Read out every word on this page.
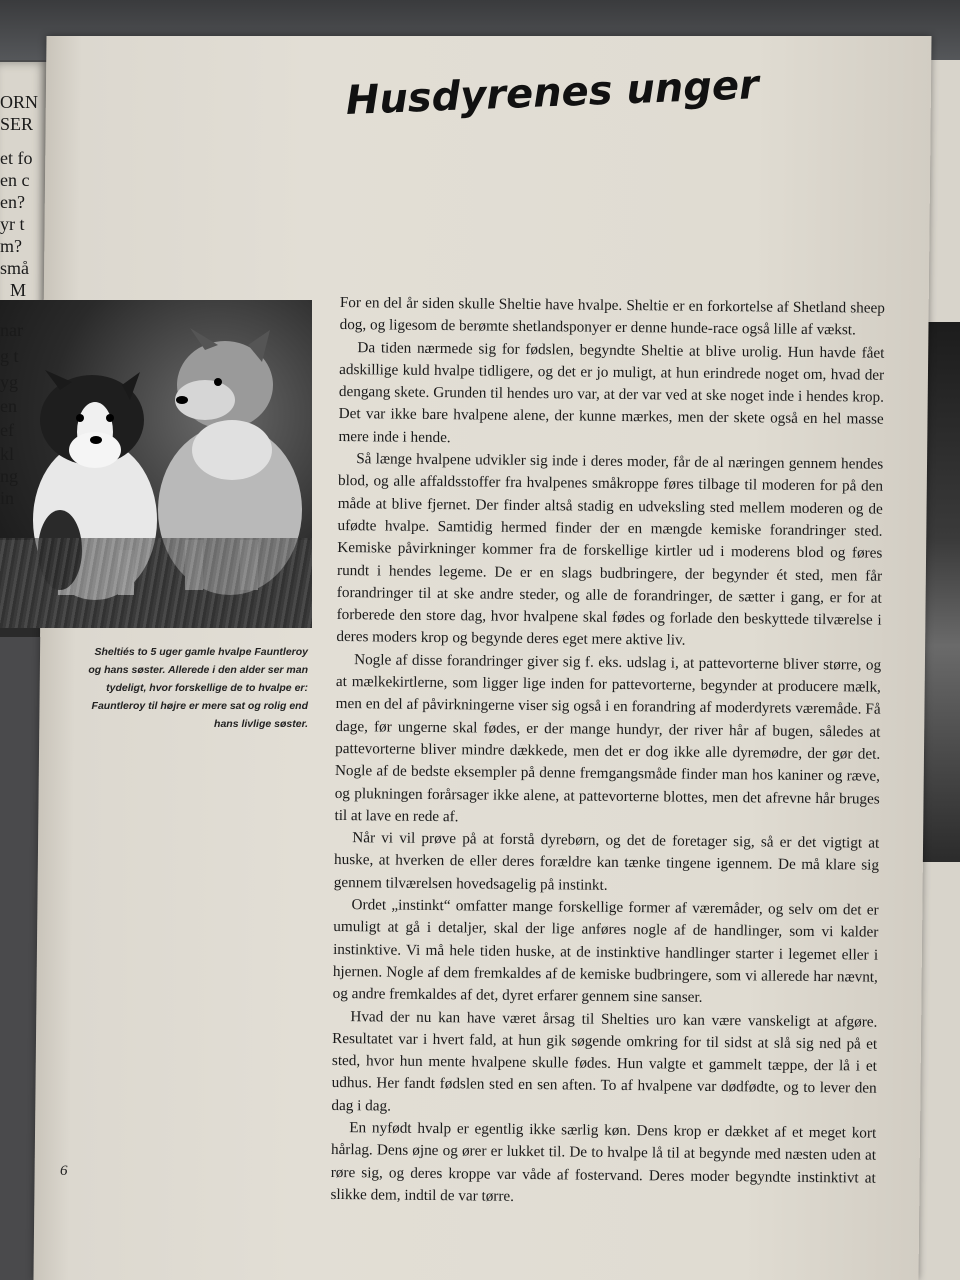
ORN
SER
et fo
en c
en?
yr t
m?
små
M
nar
g t
yg
en
ef
kl
ng
in
Husdyrenes unger
Sheltiés to 5 uger gamle hvalpe Fauntleroy og hans søster. Allerede i den alder ser man tydeligt, hvor forskellige de to hvalpe er: Fauntleroy til højre er mere sat og rolig end hans livlige søster.

For en del år siden skulle Sheltie have hvalpe. Sheltie er en forkortelse af Shetland sheep dog, og ligesom de berømte shetlandsponyer er denne hunde-race også lille af vækst.

Da tiden nærmede sig for fødslen, begyndte Sheltie at blive urolig. Hun havde fået adskillige kuld hvalpe tidligere, og det er jo muligt, at hun erindrede noget om, hvad der dengang skete. Grunden til hendes uro var, at der var ved at ske noget inde i hendes krop. Det var ikke bare hvalpene alene, der kunne mærkes, men der skete også en hel masse mere inde i hende.

Så længe hvalpene udvikler sig inde i deres moder, får de al næringen gennem hendes blod, og alle affaldsstoffer fra hvalpenes småkroppe føres tilbage til moderen for på den måde at blive fjernet. Der finder altså stadig en udveksling sted mellem moderen og de ufødte hvalpe. Samtidig hermed finder der en mængde kemiske forandringer sted. Kemiske påvirkninger kommer fra de forskellige kirtler ud i moderens blod og føres rundt i hendes legeme. De er en slags budbringere, der begynder ét sted, men får forandringer til at ske andre steder, og alle de forandringer, de sætter i gang, er for at forberede den store dag, hvor hvalpene skal fødes og forlade den beskyttede tilværelse i deres moders krop og begynde deres eget mere aktive liv.

Nogle af disse forandringer giver sig f. eks. udslag i, at pattevorterne bliver større, og at mælkekirtlerne, som ligger lige inden for pattevorterne, begynder at producere mælk, men en del af påvirkningerne viser sig også i en forandring af moderdyrets væremåde. Få dage, før ungerne skal fødes, er der mange hundyr, der river hår af bugen, således at pattevorterne bliver mindre dækkede, men det er dog ikke alle dyremødre, der gør det. Nogle af de bedste eksempler på denne fremgangsmåde finder man hos kaniner og ræve, og plukningen forårsager ikke alene, at pattevorterne blottes, men det afrevne hår bruges til at lave en rede af.

Når vi vil prøve på at forstå dyrebørn, og det de foretager sig, så er det vigtigt at huske, at hverken de eller deres forældre kan tænke tingene igennem. De må klare sig gennem tilværelsen hovedsagelig på instinkt.

Ordet „instinkt“ omfatter mange forskellige former af væremåder, og selv om det er umuligt at gå i detaljer, skal der lige anføres nogle af de handlinger, som vi kalder instinktive. Vi må hele tiden huske, at de instinktive handlinger starter i legemet eller i hjernen. Nogle af dem fremkaldes af de kemiske budbringere, som vi allerede har nævnt, og andre fremkaldes af det, dyret erfarer gennem sine sanser.

Hvad der nu kan have været årsag til Shelties uro kan være vanskeligt at afgøre. Resultatet var i hvert fald, at hun gik søgende omkring for til sidst at slå sig ned på et sted, hvor hun mente hvalpene skulle fødes. Hun valgte et gammelt tæppe, der lå i et udhus. Her fandt fødslen sted en sen aften. To af hvalpene var dødfødte, og to lever den dag i dag.

En nyfødt hvalp er egentlig ikke særlig køn. Dens krop er dækket af et meget kort hårlag. Dens øjne og ører er lukket til. De to hvalpe lå til at begynde med næsten uden at røre sig, og deres kroppe var våde af fostervand. Deres moder begyndte instinktivt at slikke dem, indtil de var tørre.

6
